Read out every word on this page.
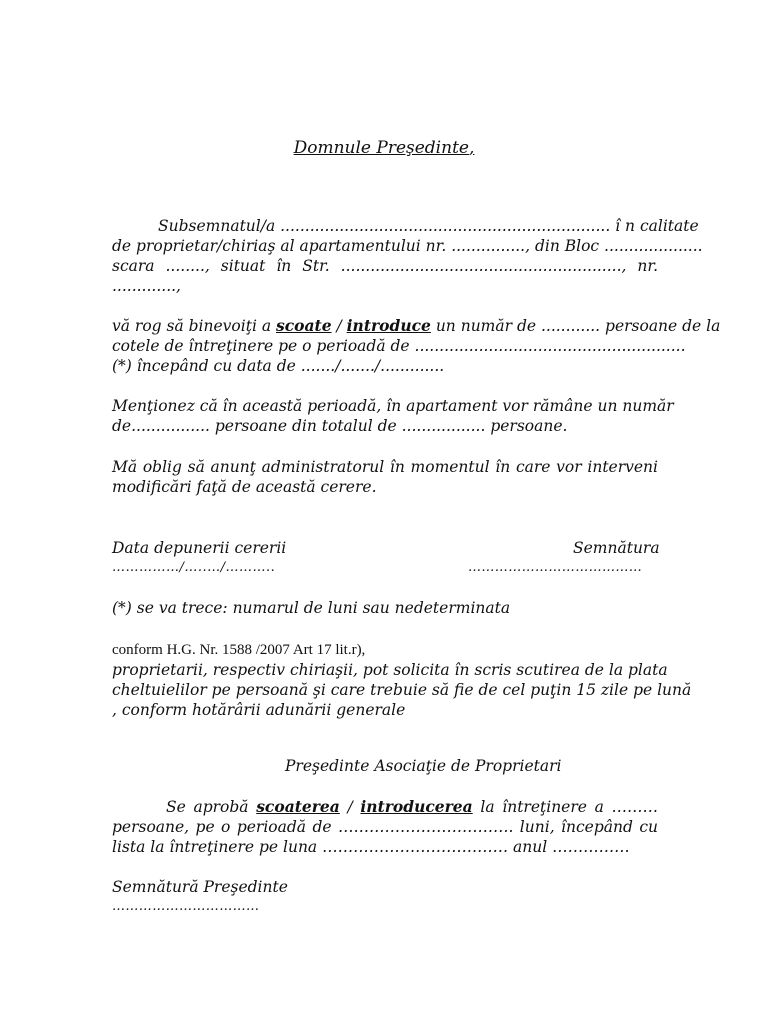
Domnule Preşedinte,
Subsemnatul/a ................................................................... î n calitate
de proprietar/chiriaş al apartamentului nr. ..............., din Bloc ....................
scara ........, situat în Str. ........................................................., nr.
.............,
vă rog să binevoiţi a scoate / introduce un număr de ............ persoane de la
cotele de întreţinere pe o perioadă de .......................................................
(*) începând cu data de ......./......./.............
Menţionez că în această perioadă, în apartament vor rămâne un număr
de................ persoane din totalul de ................. persoane.
Mă oblig să anunţ administratorul în momentul în care vor interveni
modificări faţă de această cerere.
Data depunerii cererii
……………/…..…/………..
Semnătura
…………………………………
(*) se va trece: numarul de luni sau nedeterminata
conform H.G. Nr. 1588 /2007 Art 17 lit.r),
proprietarii, respectiv chiriaşii, pot solicita în scris scutirea de la plata
cheltuielilor pe persoană şi care trebuie să fie de cel puţin 15 zile pe lună
, conform hotărârii adunării generale
Preşedinte Asociaţie de Proprietari
Se aprobă scoaterea / introducerea la întreţinere a ………
persoane, pe o perioadă de ……………………………. luni, începând cu
lista la întreţinere pe luna ……………………………… anul ……………
Semnătură Preşedinte
……………………………
